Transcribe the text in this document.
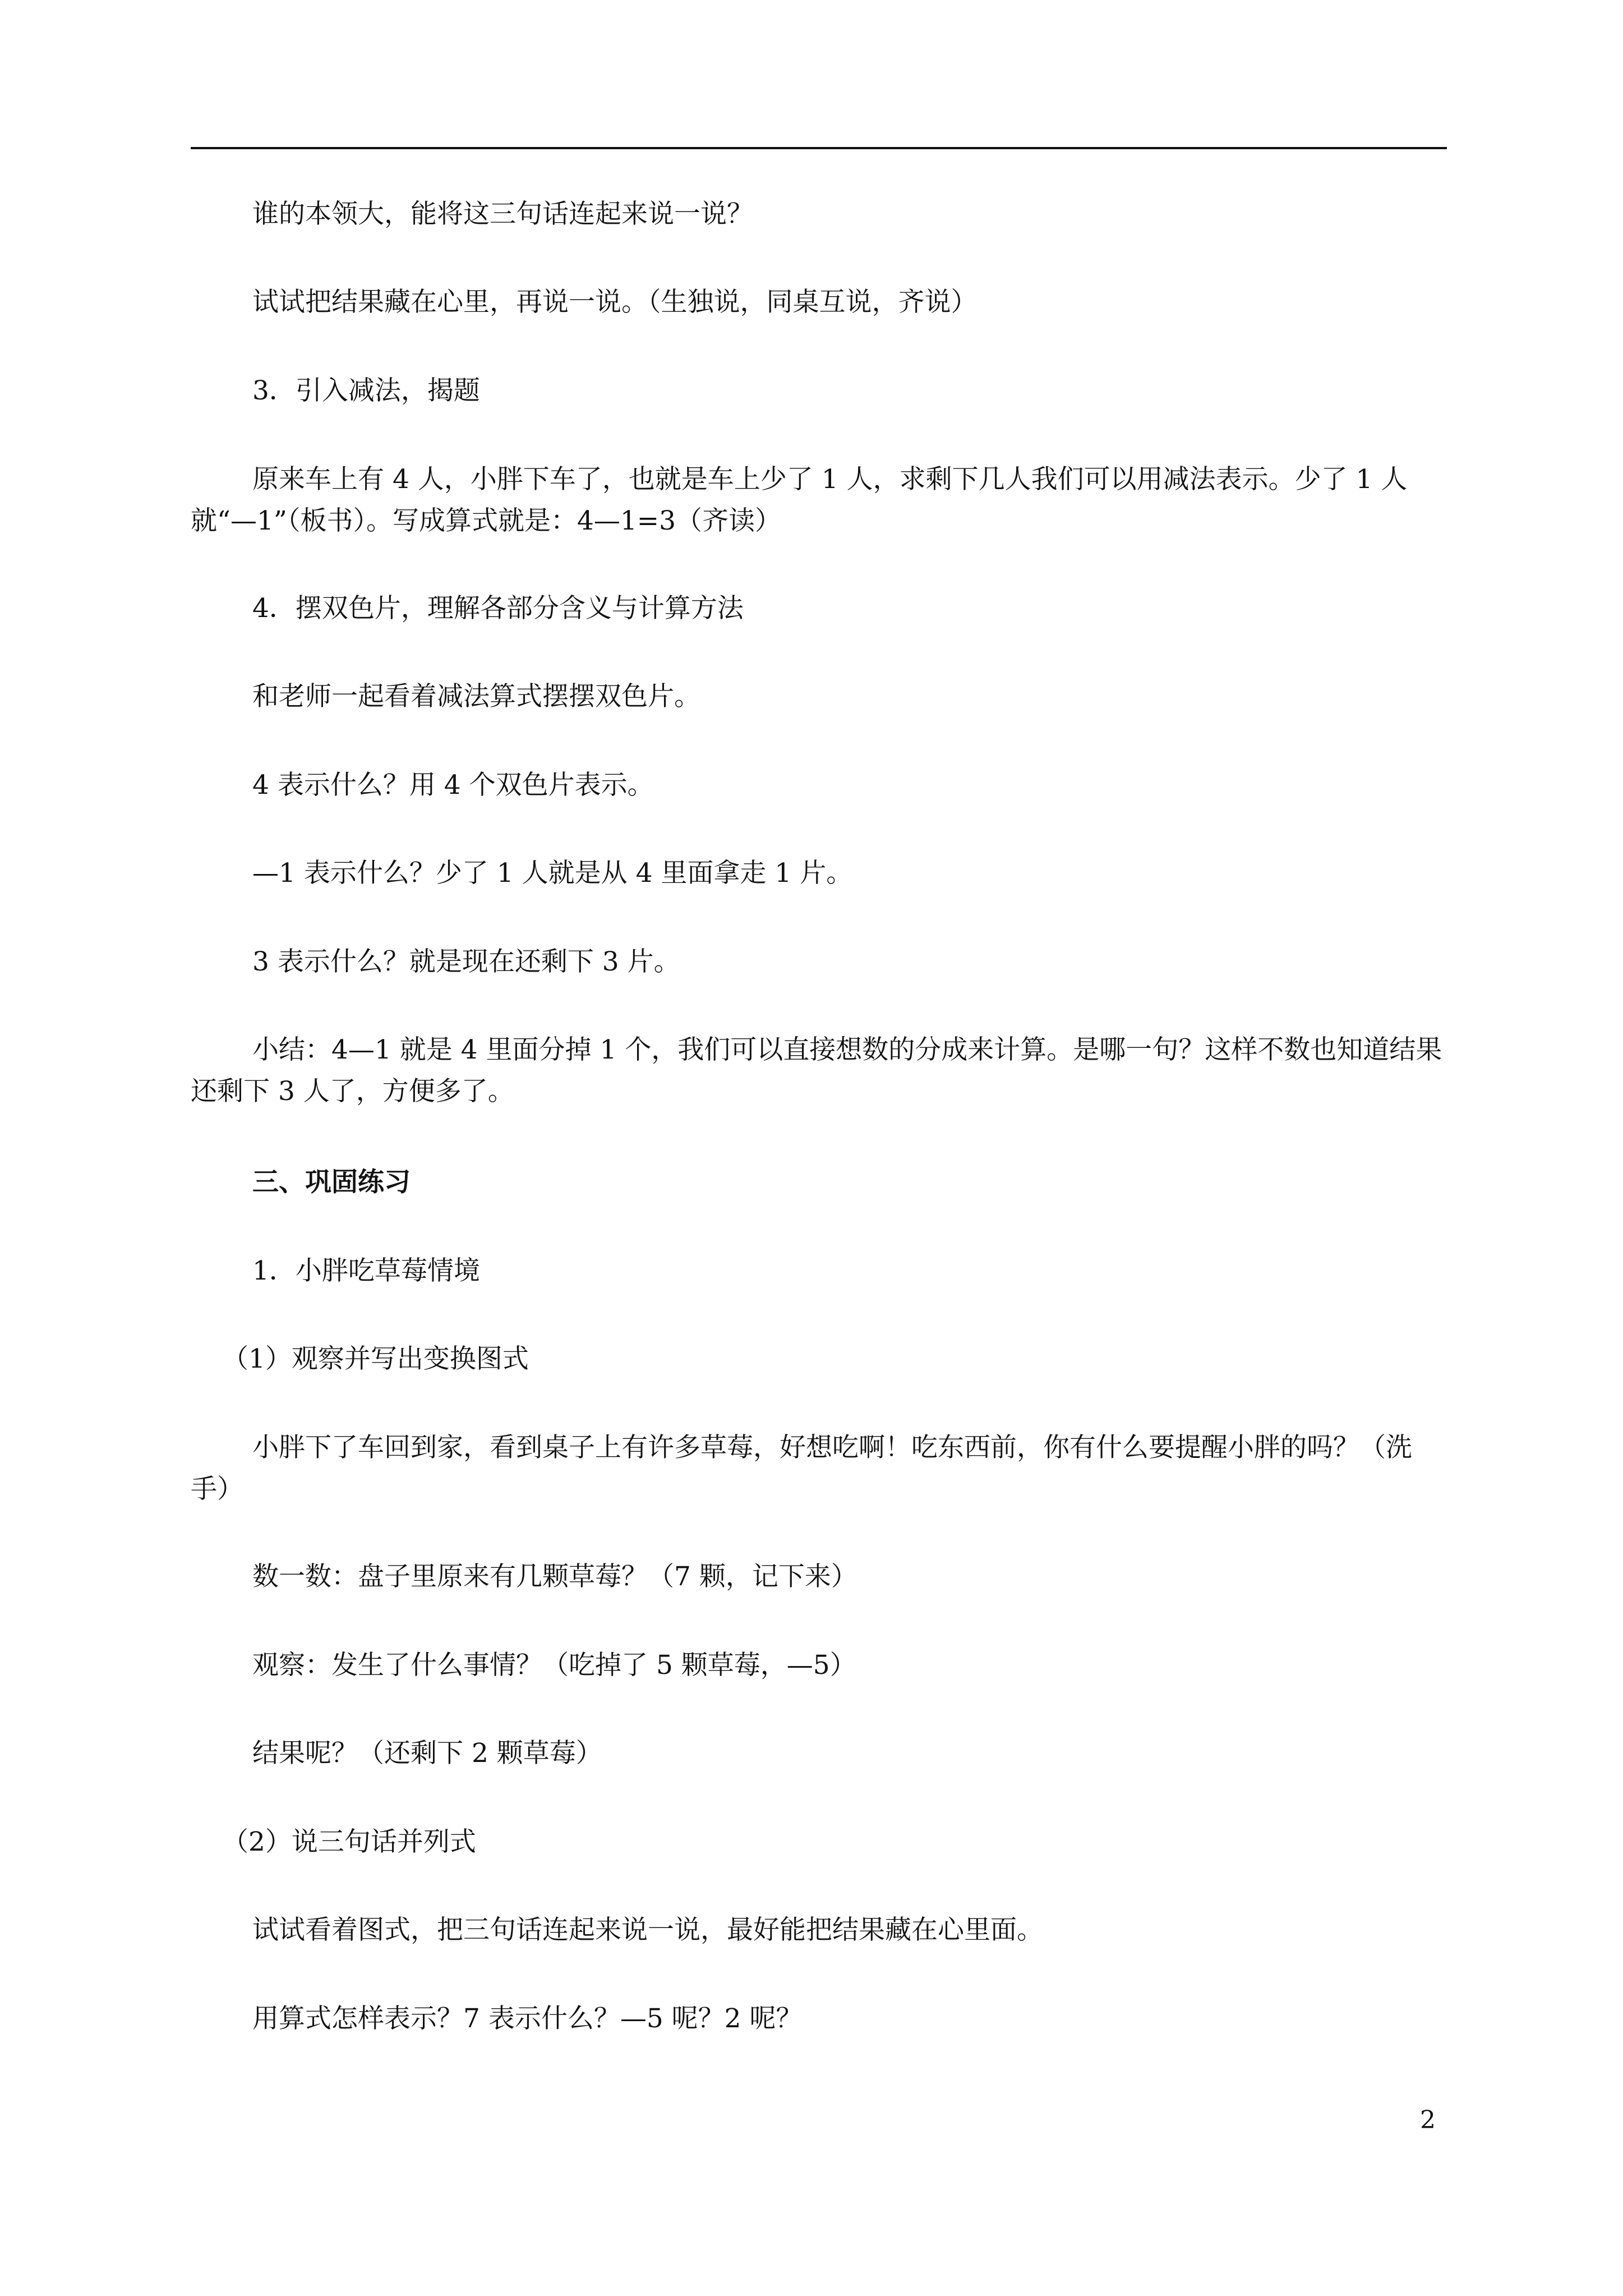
谁的本领大，能将这三句话连起来说一说？

试试把结果藏在心里，再说一说。（生独说，同桌互说，齐说）

3．引入减法，揭题

原来车上有 4 人，小胖下车了，也就是车上少了 1 人，求剩下几人我们可以用减法表示。少了 1 人就“—1”（板书）。写成算式就是：4—1=3（齐读）

4．摆双色片，理解各部分含义与计算方法

和老师一起看着减法算式摆摆双色片。

4 表示什么？用 4 个双色片表示。

—1 表示什么？少了 1 人就是从 4 里面拿走 1 片。

3 表示什么？就是现在还剩下 3 片。

小结：4—1 就是 4 里面分掉 1 个，我们可以直接想数的分成来计算。是哪一句？这样不数也知道结果还剩下 3 人了，方便多了。

三、巩固练习

1．小胖吃草莓情境

（1）观察并写出变换图式

小胖下了车回到家，看到桌子上有许多草莓，好想吃啊！吃东西前，你有什么要提醒小胖的吗？（洗手）

数一数：盘子里原来有几颗草莓？（7 颗，记下来）

观察：发生了什么事情？（吃掉了 5 颗草莓，—5）

结果呢？（还剩下 2 颗草莓）

（2）说三句话并列式

试试看着图式，把三句话连起来说一说，最好能把结果藏在心里面。

用算式怎样表示？7 表示什么？—5 呢？2 呢？

2
